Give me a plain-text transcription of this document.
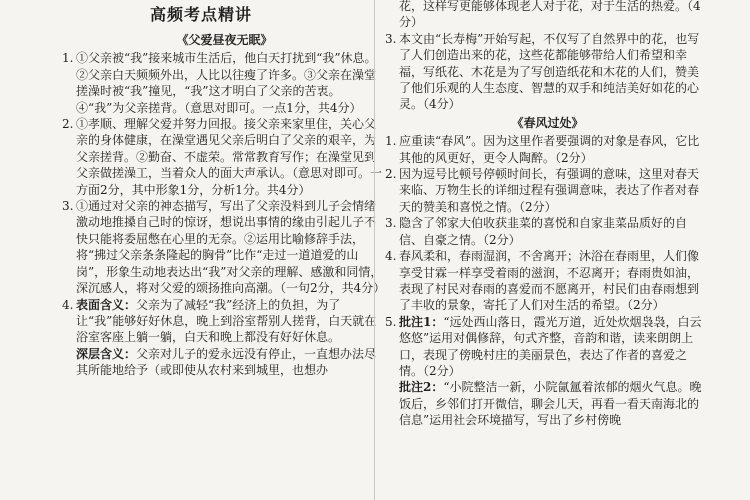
高频考点精讲
《父爱昼夜无眠》
1. ①父亲被“我”接来城市生活后，他白天打扰到“我”休息。②父亲白天频频外出，人比以往瘦了许多。③父亲在澡堂搓澡时被“我”撞见，“我”这才明白了父亲的苦衷。④“我”为父亲搓背。（意思对即可。一点1分，共4分）
2. ①孝顺、理解父爱并努力回报。接父亲来家里住，关心父亲的身体健康，在澡堂遇见父亲后明白了父亲的艰辛，为父亲搓背。②勤奋、不虚荣。常常教育写作；在澡堂见到父亲做搓澡工，当着众人的面大声承认。（意思对即可。一方面2分，其中形象1分，分析1分。共4分）
3. ①通过对父亲的神态描写，写出了父亲没料到儿子会情绪激动地推搡自己时的惊讶，想说出事情的缘由引起儿子不快只能将委屈憋在心里的无奈。②运用比喻修辞手法，将“拂过父亲条条隆起的胸骨”比作“走过一道道爱的山岗”，形象生动地表达出“我”对父亲的理解、感激和同情，深沉感人，将对父爱的颂扬推向高潮。（一句2分，共4分）
4. 表面含义：父亲为了减轻“我”经济上的负担，为了让“我”能够好好休息，晚上到浴室帮别人搓背，白天就在浴室客座上躺一躺，白天和晚上都没有好好休息。
深层含义：父亲对儿子的爱永远没有停止，一直想办法尽其所能地给予（或即使从农村来到城里，也想办
花，这样写更能够体现老人对于花，对于生活的热爱。（4分）
3. 本文由“长寿梅”开始写起，不仅写了自然界中的花，也写了人们创造出来的花，这些花都能够带给人们希望和幸福，写纸花、木花是为了写创造纸花和木花的人们，赞美了他们乐观的人生态度、智慧的双手和纯洁美好如花的心灵。（4分）
《春风过处》
1. 应重读“春风”。因为这里作者要强调的对象是春风，它比其他的风更好，更令人陶醉。（2分）
2. 因为逗号比顿号停顿时间长，有强调的意味，这里对春天来临、万物生长的详细过程有强调意味，表达了作者对春天的赞美和喜悦之情。（2分）
3. 隐含了邻家大伯收获韭菜的喜悦和自家韭菜品质好的自信、自豪之情。（2分）
4. 春风柔和，春雨湿润，不舍离开；沐浴在春雨里，人们像享受甘霖一样享受着雨的滋润，不忍离开；春雨贵如油，表现了村民对春雨的喜爱而不愿离开，村民们由春雨想到了丰收的景象，寄托了人们对生活的希望。（2分）
5. 批注1：“远处西山落日，霞光万道，近处炊烟袅袅，白云悠悠”运用对偶修辞，句式齐整，音韵和谐，读来朗朗上口，表现了傍晚村庄的美丽景色，表达了作者的喜爱之情。（2分）
批注2：“小院整洁一新，小院氤氲着浓郁的烟火气息。晚饭后，乡邻们打开微信，聊会儿天，再看一看天南海北的信息”运用社会环境描写，写出了乡村傍晚
